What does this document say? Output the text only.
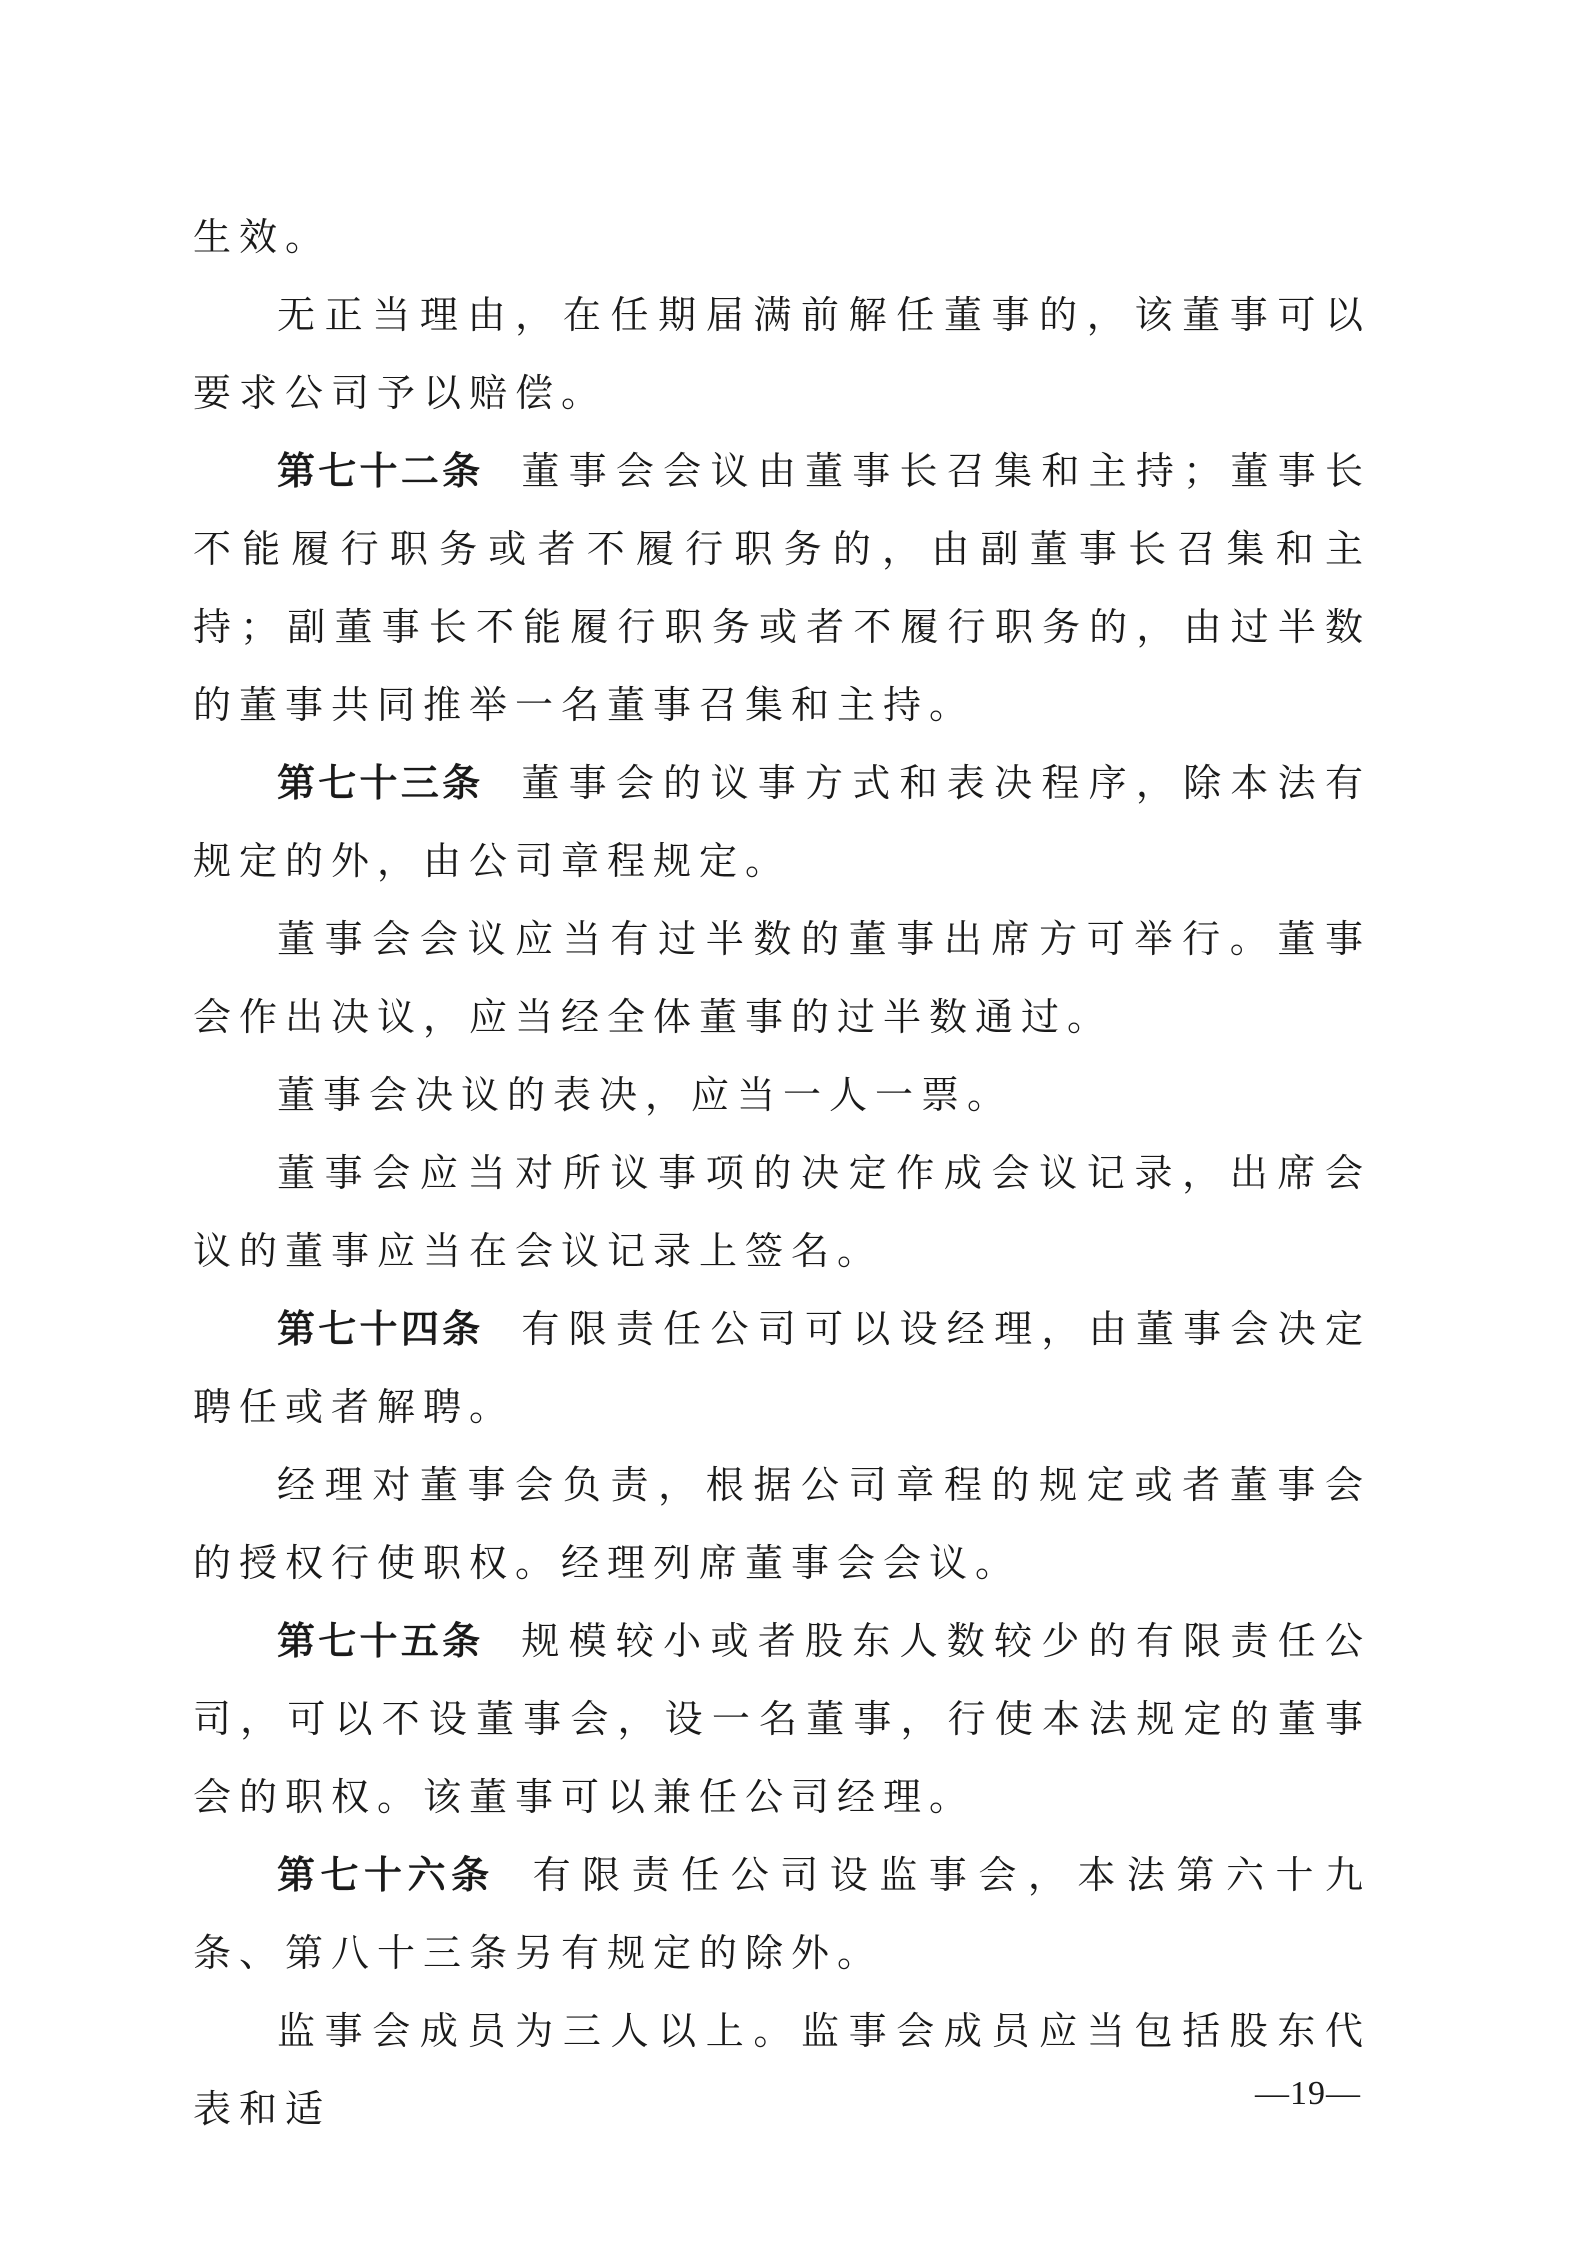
生效。

无正当理由，在任期届满前解任董事的，该董事可以要求公司予以赔偿。

第七十二条 董事会会议由董事长召集和主持；董事长不能履行职务或者不履行职务的，由副董事长召集和主持；副董事长不能履行职务或者不履行职务的，由过半数的董事共同推举一名董事召集和主持。

第七十三条 董事会的议事方式和表决程序，除本法有规定的外，由公司章程规定。

董事会会议应当有过半数的董事出席方可举行。董事会作出决议，应当经全体董事的过半数通过。

董事会决议的表决，应当一人一票。

董事会应当对所议事项的决定作成会议记录，出席会议的董事应当在会议记录上签名。

第七十四条 有限责任公司可以设经理，由董事会决定聘任或者解聘。

经理对董事会负责，根据公司章程的规定或者董事会的授权行使职权。经理列席董事会会议。

第七十五条 规模较小或者股东人数较少的有限责任公司，可以不设董事会，设一名董事，行使本法规定的董事会的职权。该董事可以兼任公司经理。

第七十六条 有限责任公司设监事会，本法第六十九条、第八十三条另有规定的除外。

监事会成员为三人以上。监事会成员应当包括股东代表和适	—19—
